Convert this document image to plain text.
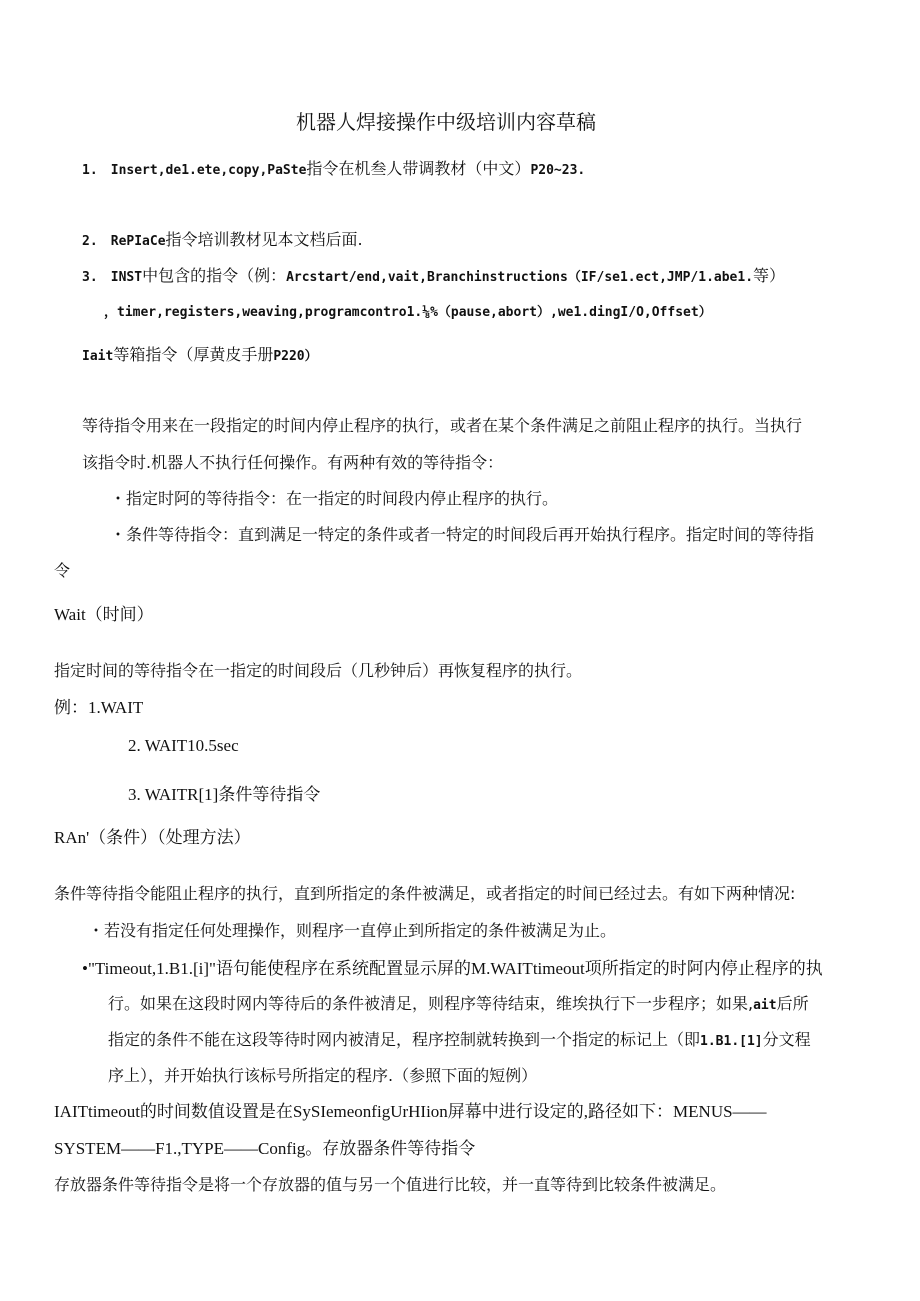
机器人焊接操作中级培训内容草稿
1. Insert,de1.ete,copy,PaSte指令在机叁人带调教材（中文）P20~23.
2. RePIaCe指令培训教材见本文档后面.
3. INST中包含的指令（例：Arcstart/end,vait,Branchinstructions（IF/se1.ect,JMP/1.abe1.等）
，timer,registers,weaving,programcontro1.⅛%（pause,abort）,we1.dingI/O,Offset）
Iait等箱指令（厚黄皮手册P220）
等待指令用来在一段指定的时间内停止程序的执行，或者在某个条件满足之前阻止程序的执行。当执行
该指令时.机器人不执行任何操作。有两种有效的等待指令：
・指定时阿的等待指令：在一指定的时间段内停止程序的执行。
・条件等待指令：直到满足一特定的条件或者一特定的时间段后再开始执行程序。指定时间的等待指
令
Wait（时间）
指定时间的等待指令在一指定的时间段后（几秒钟后）再恢复程序的执行。
例：1.WAIT
2. WAIT10.5sec
3. WAITR[1]条件等待指令
RAn'（条件）（处理方法）
条件等待指令能阻止程序的执行，直到所指定的条件被满足，或者指定的时间已经过去。有如下两种情况:
・若没有指定任何处理操作，则程序一直停止到所指定的条件被满足为止。
•"Timeout,1.B1.[i]"语句能使程序在系统配置显示屏的M.WAITtimeout项所指定的时阿内停止程序的执
行。如果在这段时网内等待后的条件被清足，则程序等待结束，维埃执行下一步程序；如果,ait后所
指定的条件不能在这段等待时网内被清足，程序控制就转换到一个指定的标记上（即1.B1.[1]分文程
序上），并开始执行该标号所指定的程序.（参照下面的短例）
IAITtimeout的时间数值设置是在SySIemeonfigUrHIion屏幕中进行设定的,路径如下：MENUS——
SYSTEM——F1.,TYPE——Config。存放器条件等待指令
存放器条件等待指令是将一个存放器的值与另一个值进行比较，并一直等待到比较条件被满足。
